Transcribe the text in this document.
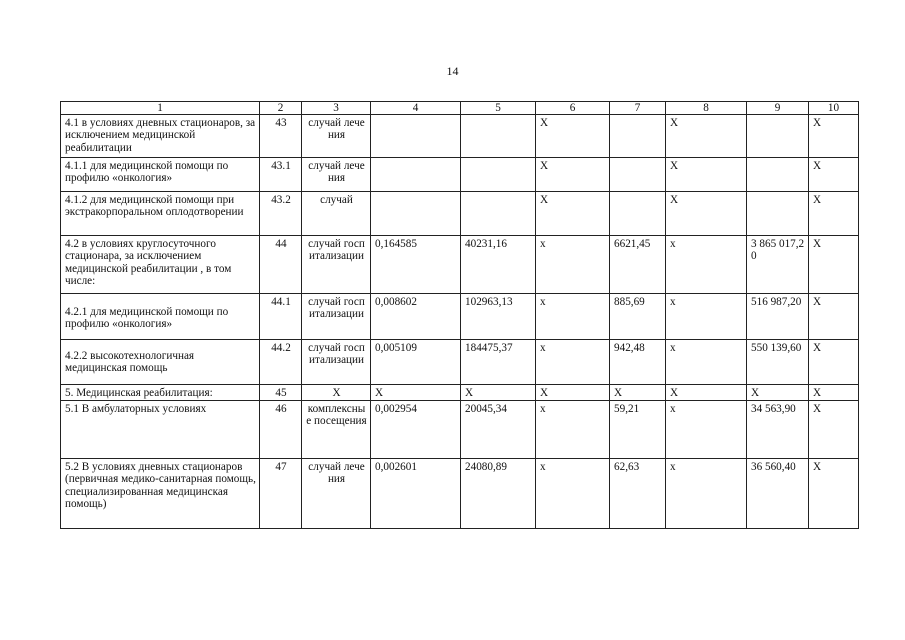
14
1	2	3	4	5	6	7	8	9	10
4.1 в условиях дневных стационаров, за исключением медицинской реабилитации	43	случай лечения			X		X		X
4.1.1 для медицинской помощи по профилю «онкология»	43.1	случай лечения			X		X		X
4.1.2 для медицинской помощи при экстракорпоральном оплодотворении	43.2	случай			X		X		X
4.2 в условиях круглосуточного стационара, за исключением медицинской реабилитации , в том числе:	44	случай госпитализации	0,164585	40231,16	x	6621,45	x	3 865 017,20	X
4.2.1 для медицинской помощи по профилю «онкология»	44.1	случай госпитализации	0,008602	102963,13	x	885,69	x	516 987,20	X
4.2.2 высокотехнологичная медицинская помощь	44.2	случай госпитализации	0,005109	184475,37	x	942,48	x	550 139,60	X
5. Медицинская реабилитация:	45	X	X	X	X	X	X	X	X
5.1 В амбулаторных условиях	46	комплексные посещения	0,002954	20045,34	x	59,21	x	34 563,90	X
5.2 В условиях дневных стационаров (первичная медико-санитарная помощь, специализированная медицинская помощь)	47	случай лечения	0,002601	24080,89	x	62,63	x	36 560,40	X
